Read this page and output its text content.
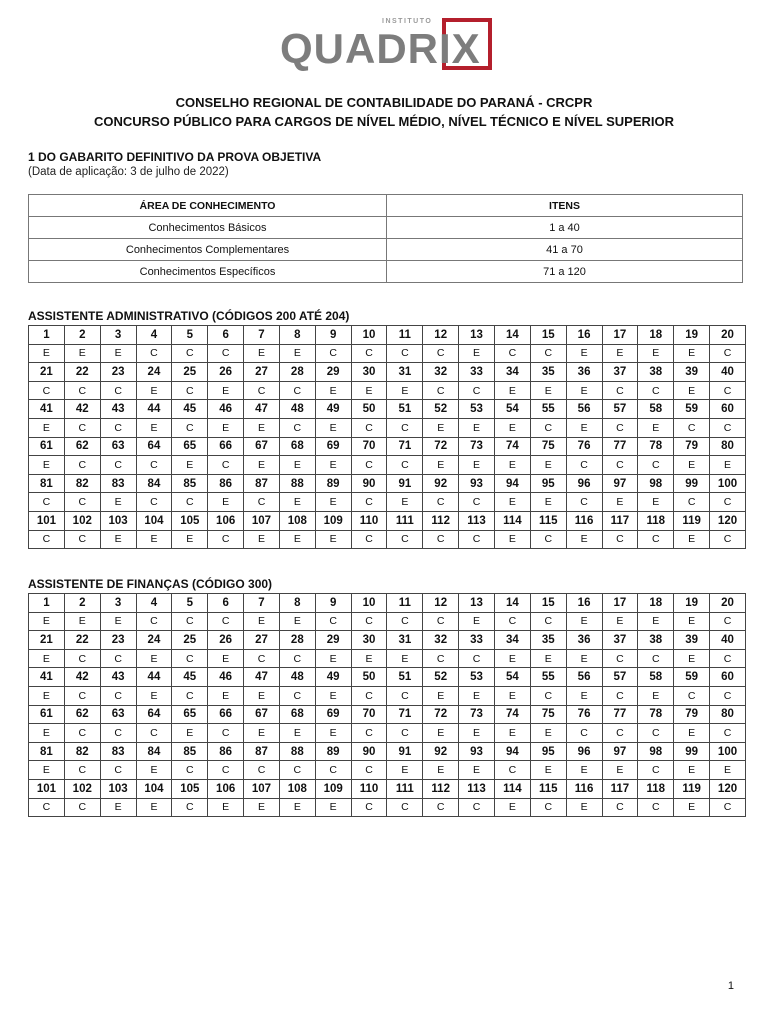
INSTITUTO
QUADRIX
CONSELHO REGIONAL DE CONTABILIDADE DO PARANÁ - CRCPR
CONCURSO PÚBLICO PARA CARGOS DE NÍVEL MÉDIO, NÍVEL TÉCNICO E NÍVEL SUPERIOR
1 DO GABARITO DEFINITIVO DA PROVA OBJETIVA
(Data de aplicação: 3 de julho de 2022)
ÁREA DE CONHECIMENTO	ITENS
Conhecimentos Básicos	1 a 40
Conhecimentos Complementares	41 a 70
Conhecimentos Específicos	71 a 120
ASSISTENTE ADMINISTRATIVO (CÓDIGOS 200 ATÉ 204)
1	2	3	4	5	6	7	8	9	10	11	12	13	14	15	16	17	18	19	20
E	E	E	C	C	C	E	E	C	C	C	C	E	C	C	E	E	E	E	C
21	22	23	24	25	26	27	28	29	30	31	32	33	34	35	36	37	38	39	40
C	C	C	E	C	E	C	C	E	E	E	C	C	E	E	E	C	C	E	C
41	42	43	44	45	46	47	48	49	50	51	52	53	54	55	56	57	58	59	60
E	C	C	E	C	E	E	C	E	C	C	E	E	E	C	E	C	E	C	C
61	62	63	64	65	66	67	68	69	70	71	72	73	74	75	76	77	78	79	80
E	C	C	C	E	C	E	E	E	C	C	E	E	E	E	C	C	C	E	E
81	82	83	84	85	86	87	88	89	90	91	92	93	94	95	96	97	98	99	100
C	C	E	C	C	E	C	E	E	C	E	C	C	E	E	C	E	E	C	C
101	102	103	104	105	106	107	108	109	110	111	112	113	114	115	116	117	118	119	120
C	C	E	E	E	C	E	E	E	C	C	C	C	E	C	E	C	C	E	C
ASSISTENTE DE FINANÇAS (CÓDIGO 300)
1	2	3	4	5	6	7	8	9	10	11	12	13	14	15	16	17	18	19	20
E	E	E	C	C	C	E	E	C	C	C	C	E	C	C	E	E	E	E	C
21	22	23	24	25	26	27	28	29	30	31	32	33	34	35	36	37	38	39	40
E	C	C	E	C	E	C	C	E	E	E	C	C	E	E	E	C	C	E	C
41	42	43	44	45	46	47	48	49	50	51	52	53	54	55	56	57	58	59	60
E	C	C	E	C	E	E	C	E	C	C	E	E	E	C	E	C	E	C	C
61	62	63	64	65	66	67	68	69	70	71	72	73	74	75	76	77	78	79	80
E	C	C	C	E	C	E	E	E	C	C	E	E	E	E	C	C	C	E	C
81	82	83	84	85	86	87	88	89	90	91	92	93	94	95	96	97	98	99	100
E	C	C	E	C	C	C	C	C	C	E	E	E	C	E	E	E	C	E	E
101	102	103	104	105	106	107	108	109	110	111	112	113	114	115	116	117	118	119	120
C	C	E	E	C	E	E	E	E	C	C	C	C	E	C	E	C	C	E	C
1
